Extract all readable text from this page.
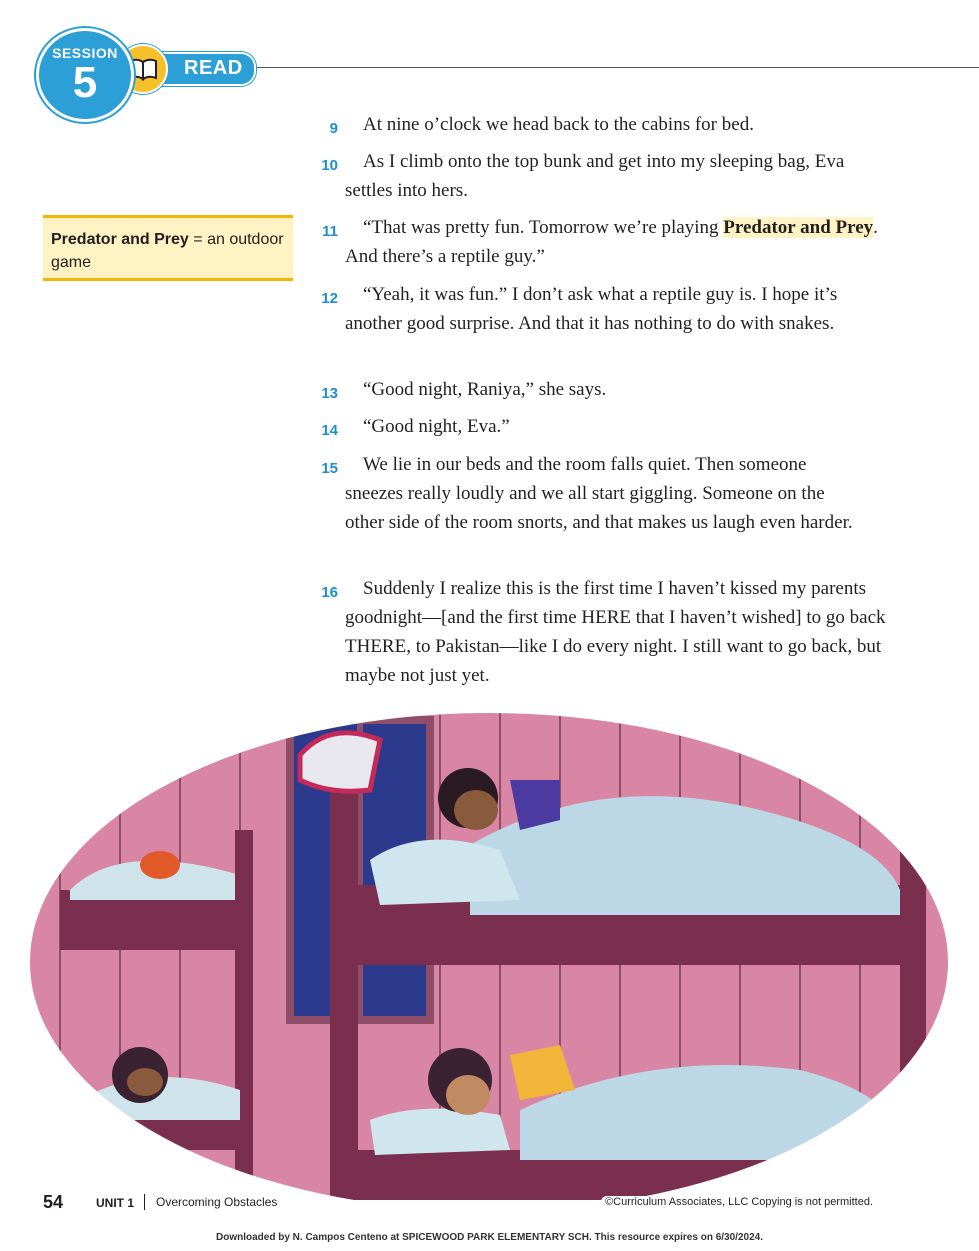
READ
SESSION
5
Predator and Prey = an outdoor game
9	At nine o’clock we head back to the cabins for bed.
10	As I climb onto the top bunk and get into my sleeping bag, Eva settles into hers.
11	“That was pretty fun. Tomorrow we’re playing Predator and Prey. And there’s a reptile guy.”
12	“Yeah, it was fun.” I don’t ask what a reptile guy is. I hope it’s another good surprise. And that it has nothing to do with snakes.
13	“Good night, Raniya,” she says.
14	“Good night, Eva.”
15	We lie in our beds and the room falls quiet. Then someone sneezes really loudly and we all start giggling. Someone on the other side of the room snorts, and that makes us laugh even harder.
16	Suddenly I realize this is the first time I haven’t kissed my parents goodnight—[and the first time HERE that I haven’t wished] to go back THERE, to Pakistan—like I do every night. I still want to go back, but maybe not just yet.
54	UNIT 1	Overcoming Obstacles	©Curriculum Associates, LLC Copying is not permitted.
Downloaded by N. Campos Centeno at SPICEWOOD PARK ELEMENTARY SCH. This resource expires on 6/30/2024.
